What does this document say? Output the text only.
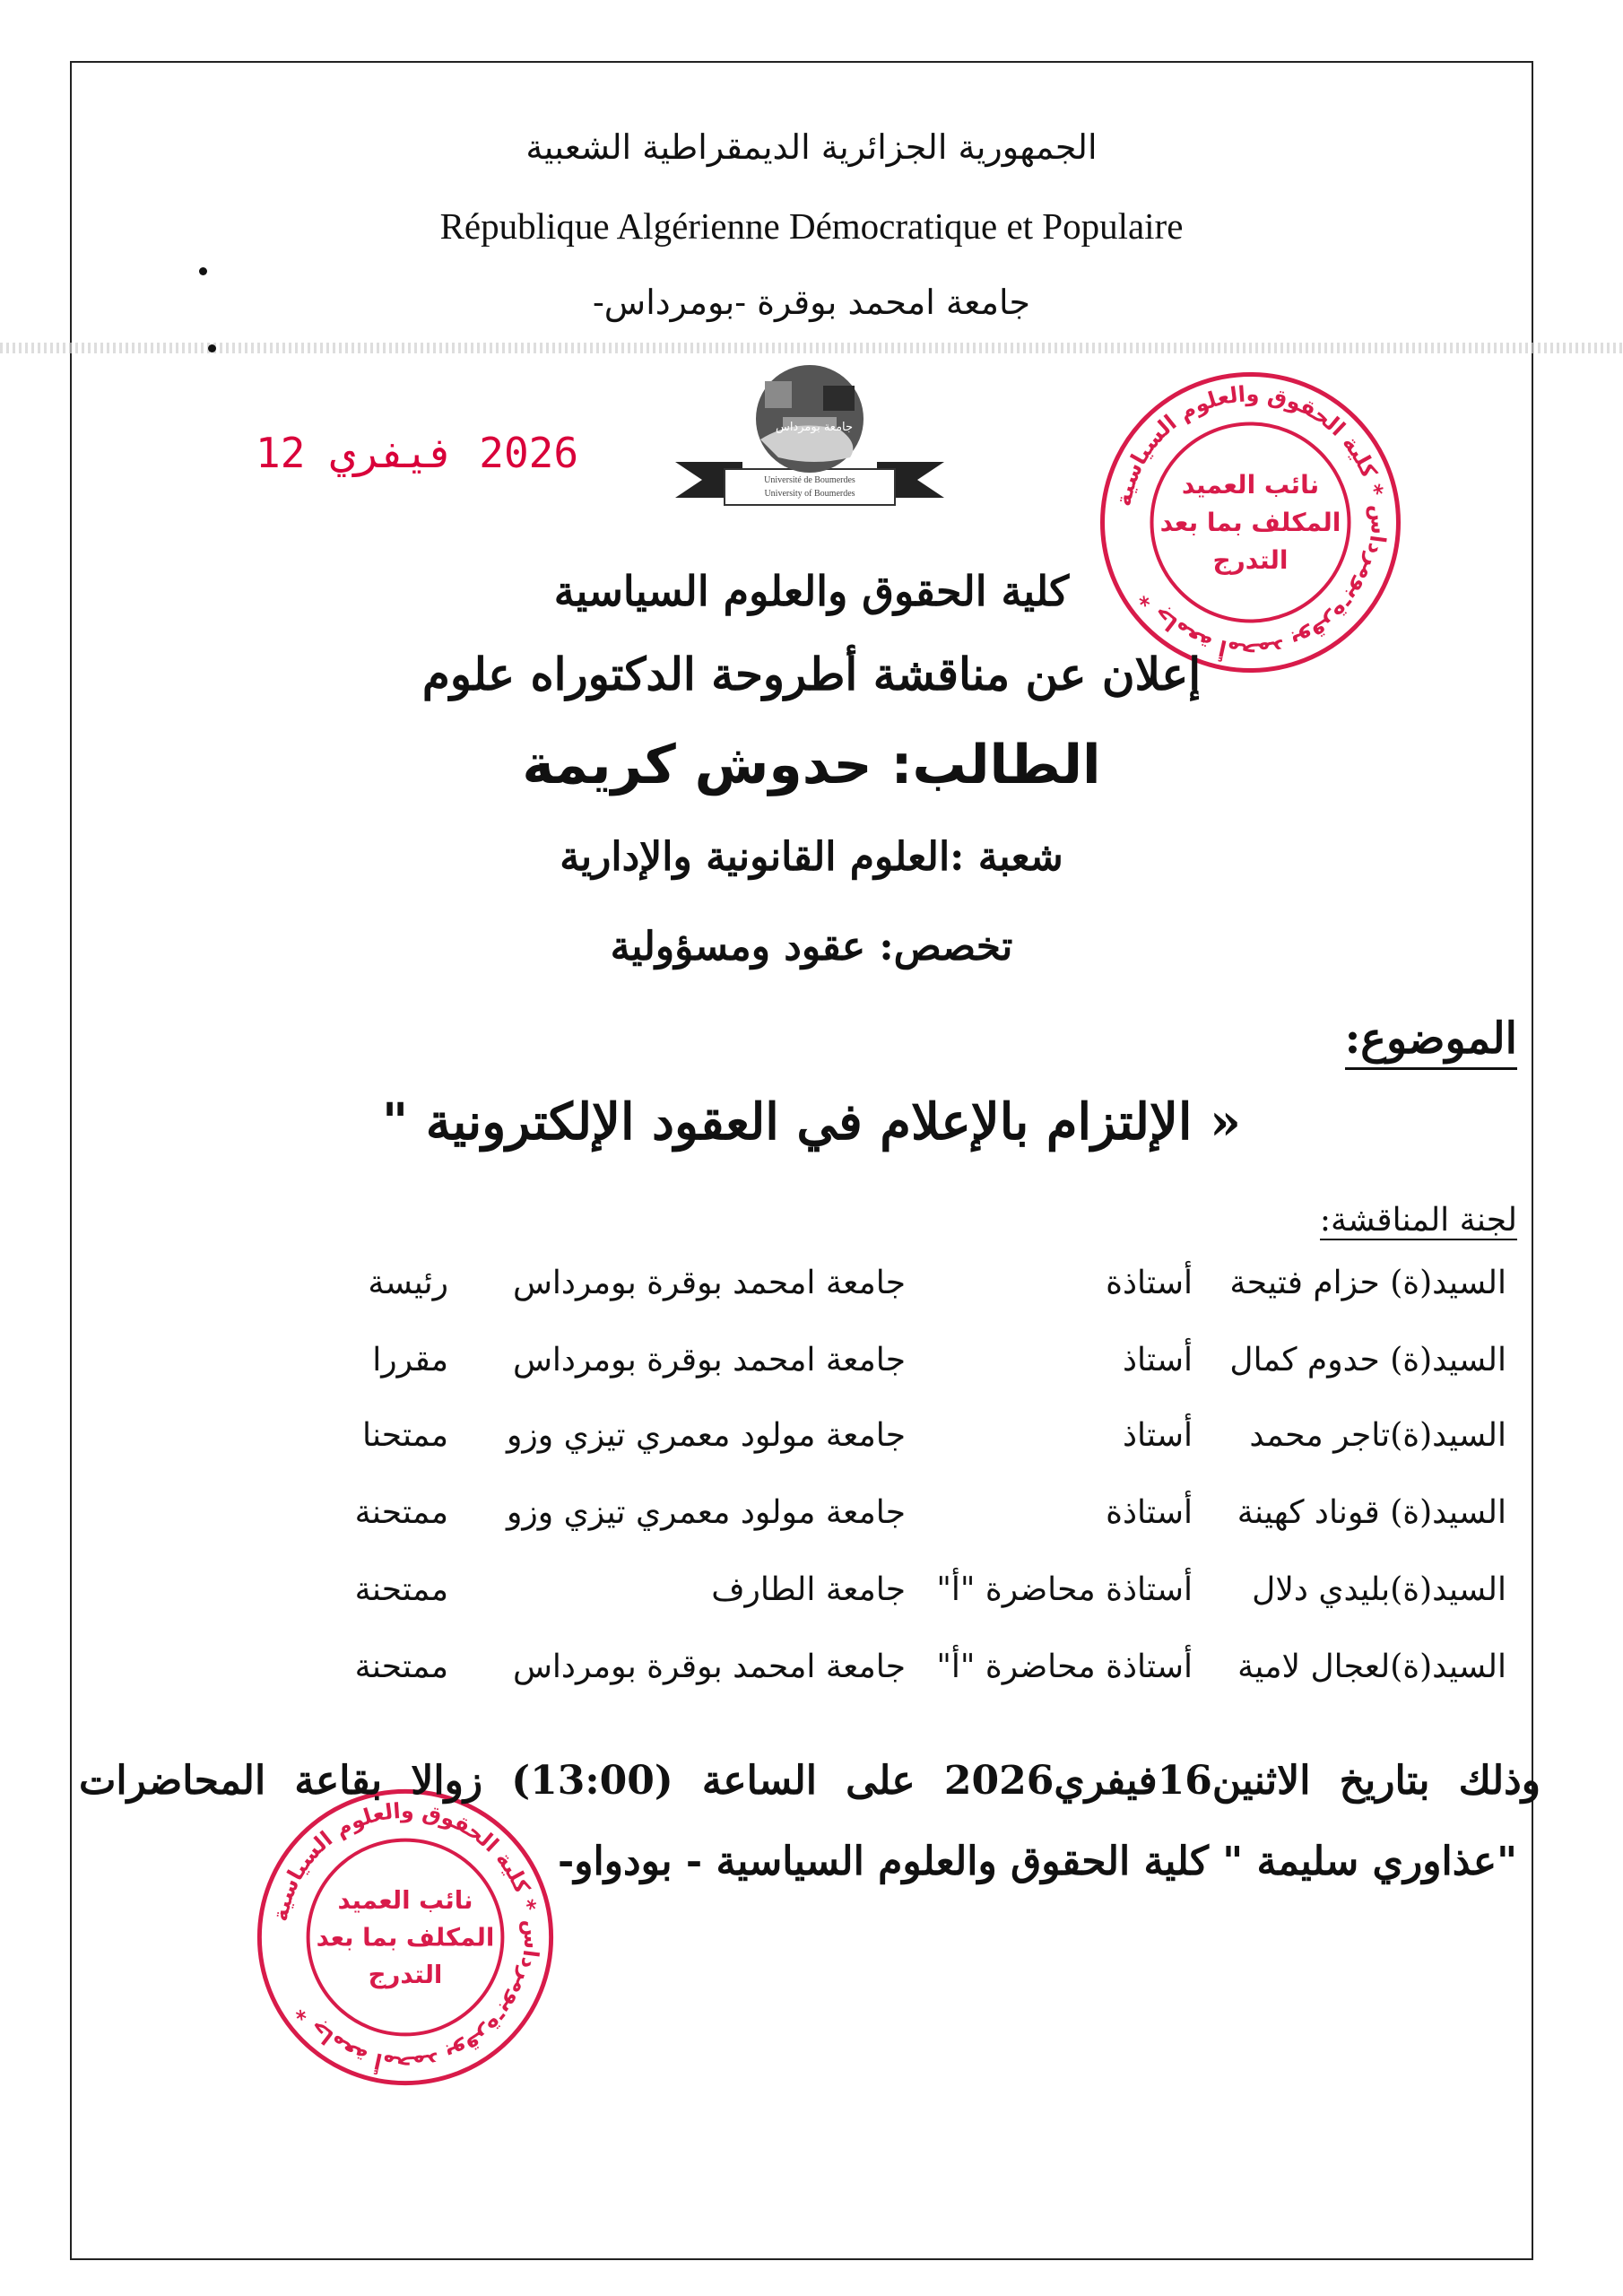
الجمهورية الجزائرية الديمقراطية الشعبية
République Algérienne Démocratique et Populaire
جامعة امحمد بوقرة -بومرداس-
جامعة بومرداس
Université de Boumerdes
University of Boumerdes
2026 فيفري 12
جامعة أمحمد بوقرة-بومرداس * كلية الحقوق والعلوم السياسية *
نائب العميد
المكلف بما بعد
التدرج
جامعة أمحمد بوقرة-بومرداس * كلية الحقوق والعلوم السياسية *
نائب العميد
المكلف بما بعد
التدرج
كلية الحقوق والعلوم السياسية
إعلان عن مناقشة أطروحة الدكتوراه علوم
الطالب: حدوش كريمة
شعبة :العلوم القانونية والإدارية
تخصص: عقود ومسؤولية
الموضوع:
« الإلتزام بالإعلام في العقود الإلكترونية "
لجنة المناقشة:
السيد(ة) حزام فتيحة
أستاذة
جامعة امحمد بوقرة بومرداس
رئيسة
السيد(ة) حدوم كمال
أستاذ
جامعة امحمد بوقرة بومرداس
مقررا
السيد(ة)تاجر محمد
أستاذ
جامعة مولود معمري تيزي وزو
ممتحنا
السيد(ة) قوناد كهينة
أستاذة
جامعة مولود معمري تيزي وزو
ممتحنة
السيد(ة)بليدي دلال
أستاذة محاضرة "أ"
جامعة الطارف
ممتحنة
السيد(ة)لعجال لامية
أستاذة محاضرة "أ"
جامعة امحمد بوقرة بومرداس
ممتحنة
وذلك بتاريخ الاثنين16فيفري2026 على الساعة (13:00) زوالا بقاعة المحاضرات
"عذاوري سليمة " كلية الحقوق والعلوم السياسية - بودواو-
